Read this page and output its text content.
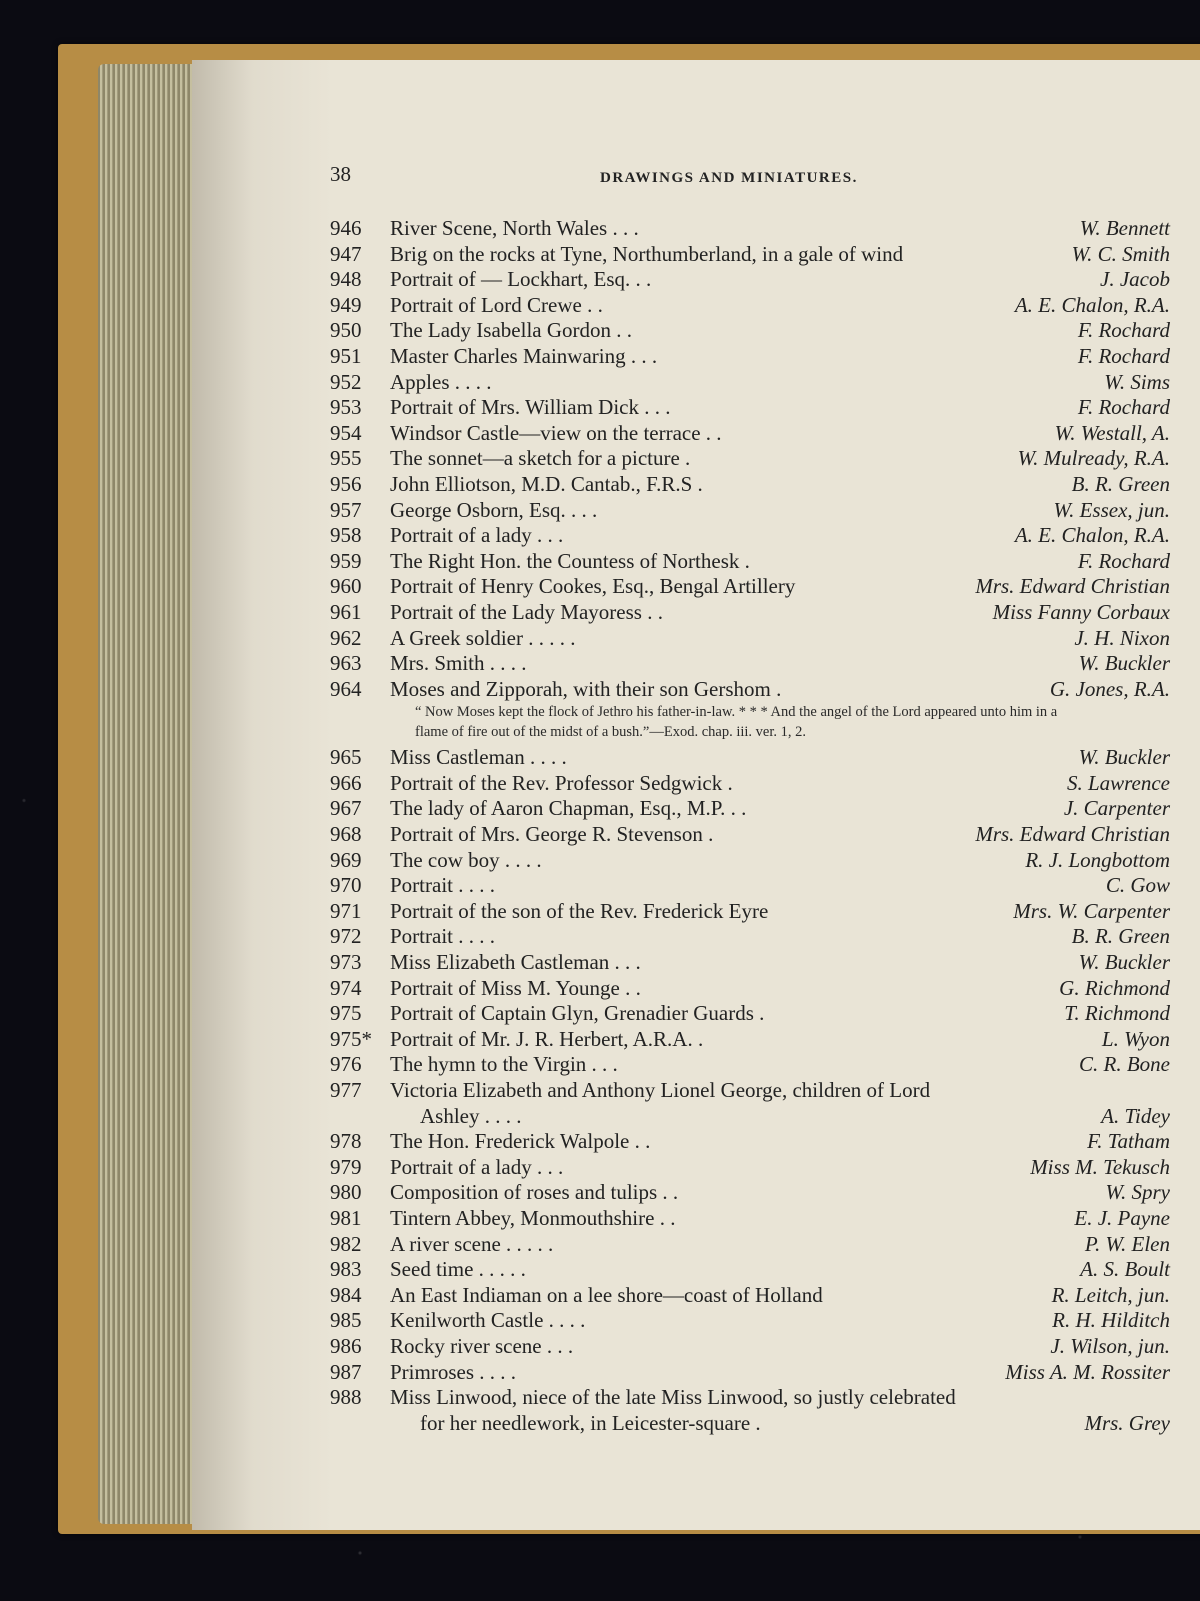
38	DRAWINGS AND MINIATURES.
946 River Scene, North Wales . . .	W. Bennett
947 Brig on the rocks at Tyne, Northumberland, in a gale of wind	W. C. Smith
948 Portrait of — Lockhart, Esq. . .	J. Jacob
949 Portrait of Lord Crewe . .	A. E. Chalon, R.A.
950 The Lady Isabella Gordon . .	F. Rochard
951 Master Charles Mainwaring . . .	F. Rochard
952 Apples . . . .	W. Sims
953 Portrait of Mrs. William Dick . . .	F. Rochard
954 Windsor Castle—view on the terrace . .	W. Westall, A.
955 The sonnet—a sketch for a picture .	W. Mulready, R.A.
956 John Elliotson, M.D. Cantab., F.R.S .	B. R. Green
957 George Osborn, Esq. . . .	W. Essex, jun.
958 Portrait of a lady . . .	A. E. Chalon, R.A.
959 The Right Hon. the Countess of Northesk .	F. Rochard
960 Portrait of Henry Cookes, Esq., Bengal Artillery	Mrs. Edward Christian
961 Portrait of the Lady Mayoress . .	Miss Fanny Corbaux
962 A Greek soldier . . . . .	J. H. Nixon
963 Mrs. Smith . . . .	W. Buckler
964 Moses and Zipporah, with their son Gershom .	G. Jones, R.A.
“ Now Moses kept the flock of Jethro his father-in-law. * * * And the angel of the Lord appeared unto him in a flame of fire out of the midst of a bush.”—Exod. chap. iii. ver. 1, 2.
965 Miss Castleman . . . .	W. Buckler
966 Portrait of the Rev. Professor Sedgwick .	S. Lawrence
967 The lady of Aaron Chapman, Esq., M.P. . .	J. Carpenter
968 Portrait of Mrs. George R. Stevenson .	Mrs. Edward Christian
969 The cow boy . . . .	R. J. Longbottom
970 Portrait . . . .	C. Gow
971 Portrait of the son of the Rev. Frederick Eyre	Mrs. W. Carpenter
972 Portrait . . . .	B. R. Green
973 Miss Elizabeth Castleman . . .	W. Buckler
974 Portrait of Miss M. Younge . .	G. Richmond
975 Portrait of Captain Glyn, Grenadier Guards .	T. Richmond
975* Portrait of Mr. J. R. Herbert, A.R.A. .	L. Wyon
976 The hymn to the Virgin . . .	C. R. Bone
977 Victoria Elizabeth and Anthony Lionel George, children of Lord
Ashley . . . .	A. Tidey
978 The Hon. Frederick Walpole . .	F. Tatham
979 Portrait of a lady . . .	Miss M. Tekusch
980 Composition of roses and tulips . .	W. Spry
981 Tintern Abbey, Monmouthshire . .	E. J. Payne
982 A river scene . . . . .	P. W. Elen
983 Seed time . . . . .	A. S. Boult
984 An East Indiaman on a lee shore—coast of Holland	R. Leitch, jun.
985 Kenilworth Castle . . . .	R. H. Hilditch
986 Rocky river scene . . .	J. Wilson, jun.
987 Primroses . . . .	Miss A. M. Rossiter
988 Miss Linwood, niece of the late Miss Linwood, so justly celebrated
for her needlework, in Leicester-square .	Mrs. Grey
